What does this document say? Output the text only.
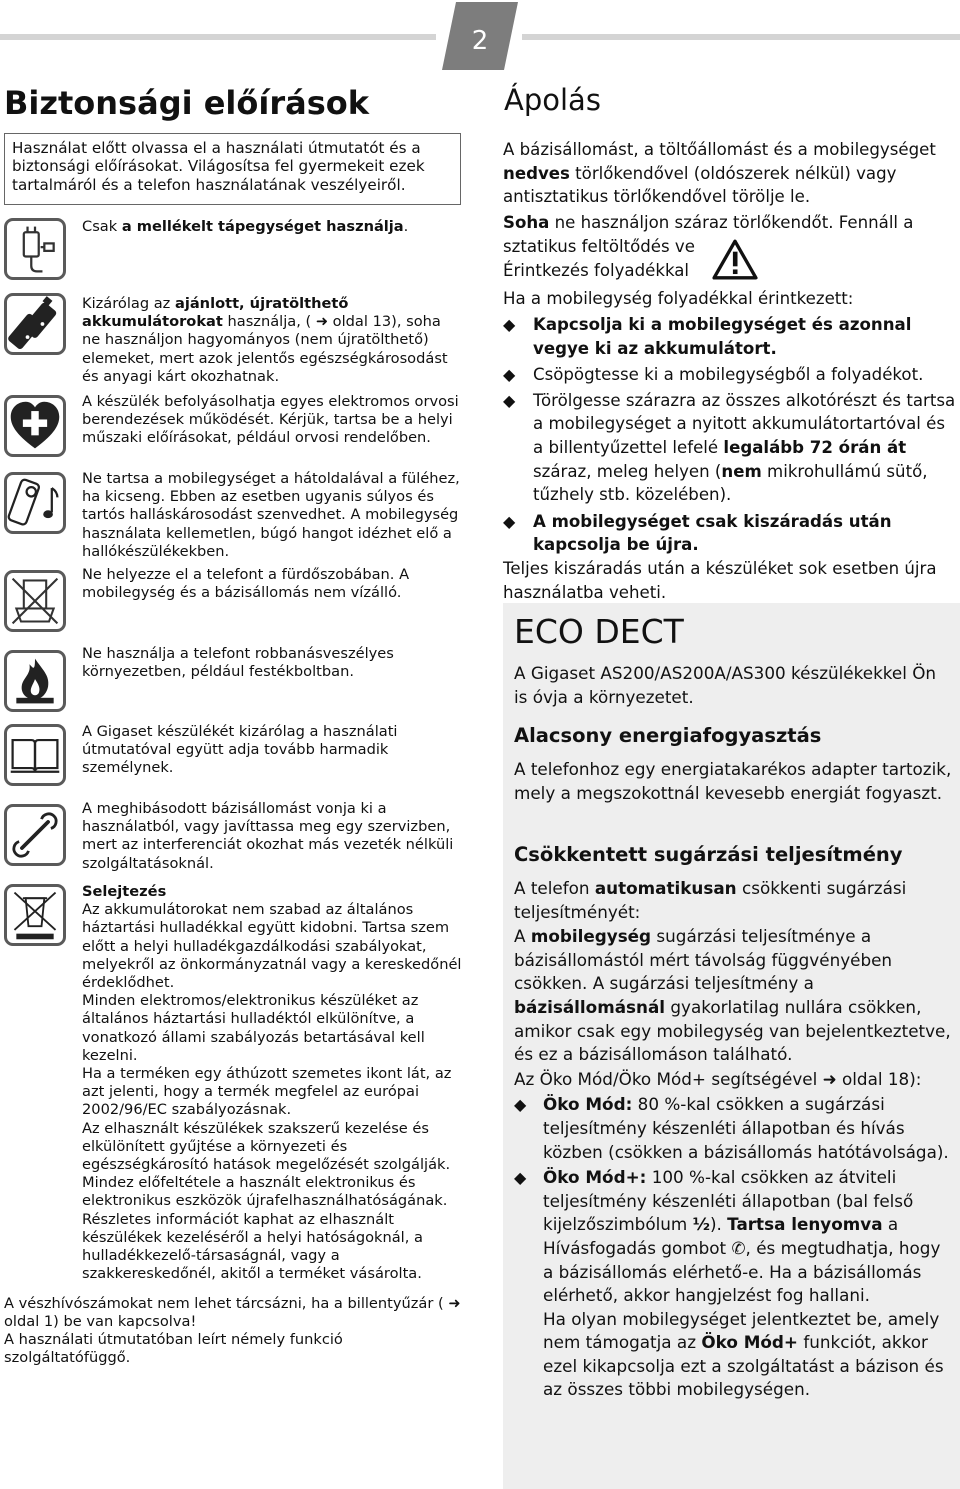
2
Biztonsági előírások
Használat előtt olvassa el a használati útmutatót és a biztonsági előírásokat. Világosítsa fel gyermekeit ezek tartalmáról és a telefon használatának veszélyeiről.
Csak a mellékelt tápegységet használja.
Kizárólag az ajánlott, újratölthető akkumulátorokat használja, ( ➜ oldal 13), soha ne használjon hagyományos (nem újratölthető) elemeket, mert azok jelentős egészségkárosodást és anyagi kárt okozhatnak.
A készülék befolyásolhatja egyes elektromos orvosi berendezések működését. Kérjük, tartsa be a helyi műszaki előírásokat, például orvosi rendelőben.
Ne tartsa a mobilegységet a hátoldalával a füléhez, ha kicseng. Ebben az esetben ugyanis súlyos és tartós halláskárosodást szenvedhet. A mobilegység használata kellemetlen, búgó hangot idézhet elő a hallókészülékekben.
Ne helyezze el a telefont a fürdőszobában. A mobilegység és a bázisállomás nem vízálló.
Ne használja a telefont robbanásveszélyes környezetben, például festékboltban.
A Gigaset készülékét kizárólag a használati útmutatóval együtt adja tovább harmadik személynek.
A meghibásodott bázisállomást vonja ki a használatból, vagy javíttassa meg egy szervizben, mert az interferenciát okozhat más vezeték nélküli szolgáltatásoknál.
Selejtezés
Az akkumulátorokat nem szabad az általános háztartási hulladékkal együtt kidobni. Tartsa szem előtt a helyi hulladékgazdálkodási szabályokat, melyekről az önkormányzatnál vagy a kereskedőnél érdeklődhet.
Minden elektromos/elektronikus készüléket az általános háztartási hulladéktól elkülönítve, a vonatkozó állami szabályozás betartásával kell kezelni.
Ha a terméken egy áthúzott szemetes ikont lát, az azt jelenti, hogy a termék megfelel az európai 2002/96/EC szabályozásnak.
Az elhasznált készülékek szakszerű kezelése és elkülönített gyűjtése a környezeti és egészségkárosító hatások megelőzését szolgálják. Mindez előfeltétele a használt elektronikus és elektronikus eszközök újrafelhasználhatóságának.
Részletes információt kaphat az elhasznált készülékek kezeléséről a helyi hatóságoknál, a hulladékkezelő-társaságnál, vagy a szakkereskedőnél, akitől a terméket vásárolta.
A vészhívószámokat nem lehet tárcsázni, ha a billentyűzár ( ➜ oldal 1) be van kapcsolva!
A használati útmutatóban leírt némely funkció szolgáltatófüggő.
Ápolás
A bázisállomást, a töltőállomást és a mobilegységet nedves törlőkendővel (oldószerek nélkül) vagy antisztatikus törlőkendővel törölje le.
Soha ne használjon száraz törlőkendőt. Fennáll a sztatikus feltöltődés ve
Érintkezés folyadékkal
Ha a mobilegység folyadékkal érintkezett:
◆ Kapcsolja ki a mobilegységet és azonnal vegye ki az akkumulátort.
◆ Csöpögtesse ki a mobilegységből a folyadékot.
◆ Törölgesse szárazra az összes alkotórészt és tartsa a mobilegységet a nyitott akkumulátortartóval és a billentyűzettel lefelé legalább 72 órán át száraz, meleg helyen (nem mikrohullámú sütő, tűzhely stb. közelében).
◆ A mobilegységet csak kiszáradás után kapcsolja be újra.
Teljes kiszáradás után a készüléket sok esetben újra használatba veheti.
ECO DECT
A Gigaset AS200/AS200A/AS300 készülékekkel Ön is óvja a környezetet.
Alacsony energiafogyasztás
A telefonhoz egy energiatakarékos adapter tartozik, mely a megszokottnál kevesebb energiát fogyaszt.
Csökkentett sugárzási teljesítmény
A telefon automatikusan csökkenti sugárzási teljesítményét:
A mobilegység sugárzási teljesítménye a bázisállomástól mért távolság függvényében csökken. A sugárzási teljesítmény a bázisállomásnál gyakorlatilag nullára csökken, amikor csak egy mobilegység van bejelentkeztetve, és ez a bázisállomáson található.
Az Öko Mód/Öko Mód+ segítségével ➜ oldal 18):
◆ Öko Mód: 80 %-kal csökken a sugárzási teljesítmény készenléti állapotban és hívás közben (csökken a bázisállomás hatótávolsága).
◆ Öko Mód+: 100 %-kal csökken az átviteli teljesítmény készenléti állapotban (bal felső kijelzőszimbólum ½). Tartsa lenyomva a Hívásfogadás gombot ✆, és megtudhatja, hogy a bázisállomás elérhető-e. Ha a bázisállomás elérhető, akkor hangjelzést fog hallani.
Ha olyan mobilegységet jelentkeztet be, amely nem támogatja az Öko Mód+ funkciót, akkor ezel kikapcsolja ezt a szolgáltatást a bázison és az összes többi mobilegységen.
